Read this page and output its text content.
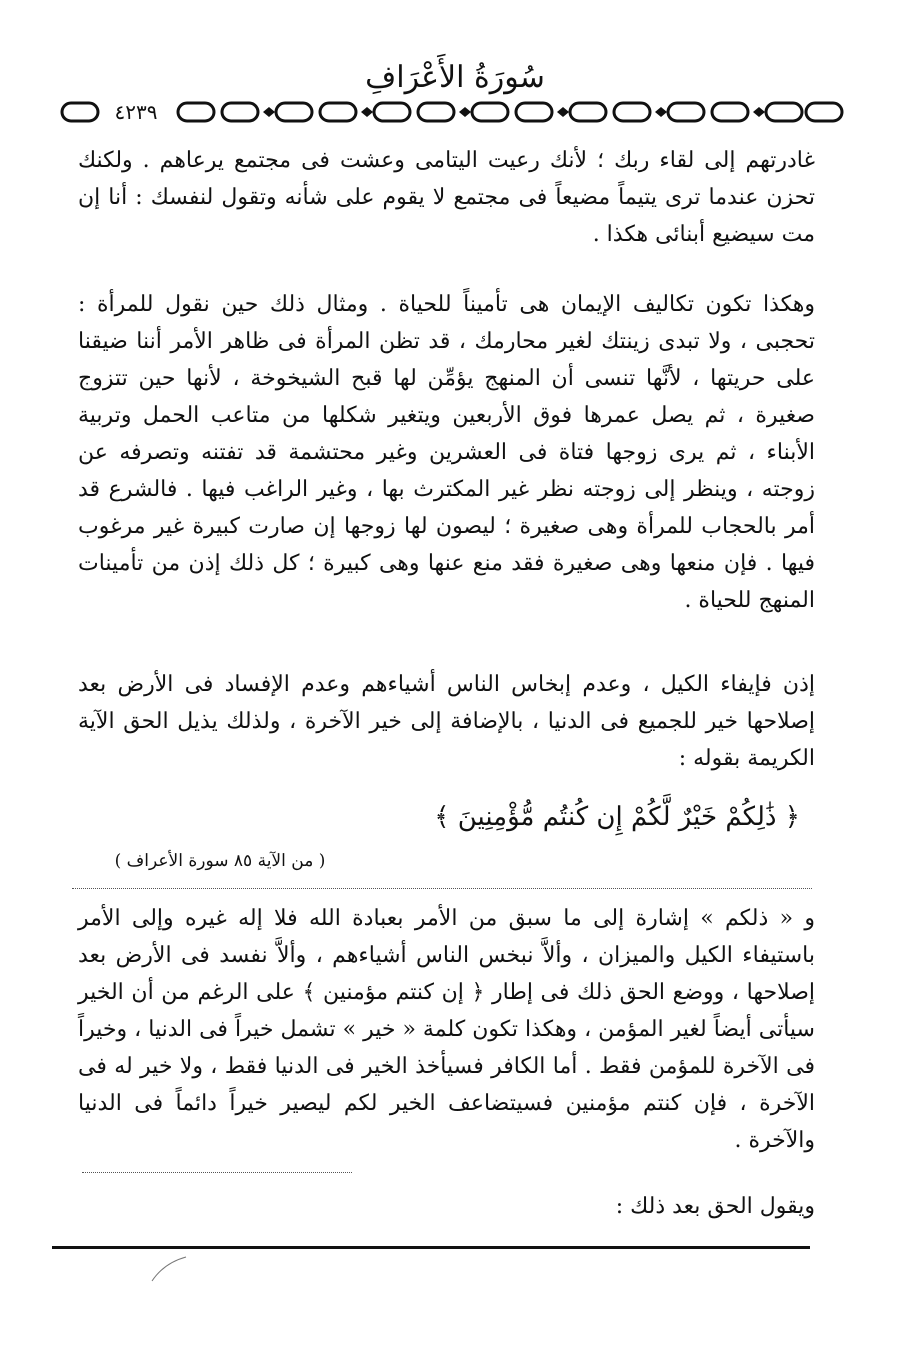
سُورَةُ الأَعْرَافِ
٤٢٣٩
غادرتهم إلى لقاء ربك ؛ لأنك رعيت اليتامى وعشت فى مجتمع يرعاهم . ولكنك تحزن عندما ترى يتيماً مضيعاً فى مجتمع لا يقوم على شأنه وتقول لنفسك : أنا إن مت سيضيع أبنائى هكذا .
وهكذا تكون تكاليف الإيمان هى تأميناً للحياة . ومثال ذلك حين نقول للمرأة : تحجبى ، ولا تبدى زينتك لغير محارمك ، قد تظن المرأة فى ظاهر الأمر أننا ضيقنا على حريتها ، لأنَّها تنسى أن المنهج يؤمِّن لها قبح الشيخوخة ، لأنها حين تتزوج صغيرة ، ثم يصل عمرها فوق الأربعين ويتغير شكلها من متاعب الحمل وتربية الأبناء ، ثم يرى زوجها فتاة فى العشرين وغير محتشمة قد تفتنه وتصرفه عن زوجته ، وينظر إلى زوجته نظر غير المكترث بها ، وغير الراغب فيها . فالشرع قد أمر بالحجاب للمرأة وهى صغيرة ؛ ليصون لها زوجها إن صارت كبيرة غير مرغوب فيها . فإن منعها وهى صغيرة فقد منع عنها وهى كبيرة ؛ كل ذلك إذن من تأمينات المنهج للحياة .
إذن فإيفاء الكيل ، وعدم إبخاس الناس أشياءهم وعدم الإفساد فى الأرض بعد إصلاحها خير للجميع فى الدنيا ، بالإضافة إلى خير الآخرة ، ولذلك يذيل الحق الآية الكريمة بقوله :
﴿ ذَٰلِكُمْ خَيْرٌ لَّكُمْ إِن كُنتُم مُّؤْمِنِينَ ﴾
( من الآية ٨٥ سورة الأعراف )
و « ذلكم » إشارة إلى ما سبق من الأمر بعبادة الله فلا إله غيره وإلى الأمر باستيفاء الكيل والميزان ، وألاَّ نبخس الناس أشياءهم ، وألاَّ نفسد فى الأرض بعد إصلاحها ، ووضع الحق ذلك فى إطار ﴿ إن كنتم مؤمنين ﴾ على الرغم من أن الخير سيأتى أيضاً لغير المؤمن ، وهكذا تكون كلمة « خير » تشمل خيراً فى الدنيا ، وخيراً فى الآخرة للمؤمن فقط . أما الكافر فسيأخذ الخير فى الدنيا فقط ، ولا خير له فى الآخرة ، فإن كنتم مؤمنين فسيتضاعف الخير لكم ليصير خيراً دائماً فى الدنيا والآخرة .
ويقول الحق بعد ذلك :
